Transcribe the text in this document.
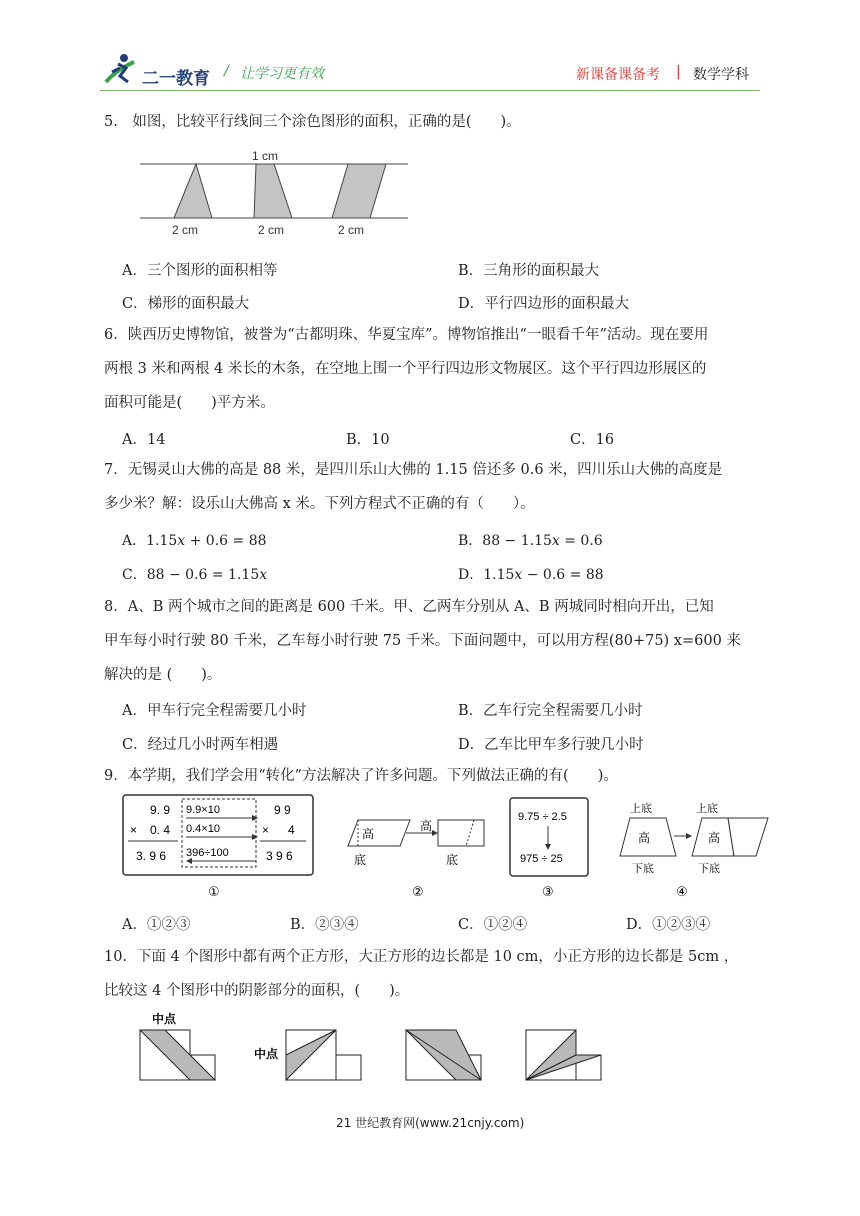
二一教育 / 让学习更有效	新课备课备考 | 数学学科
5.　如图，比较平行线间三个涂色图形的面积，正确的是(　　)。
1 cm
2 cm	2 cm	2 cm
A．三个图形的面积相等	B．三角形的面积最大
C．梯形的面积最大	D．平行四边形的面积最大
6．陕西历史博物馆，被誉为“古都明珠、华夏宝库”。博物馆推出“一眼看千年”活动。现在要用
两根 3 米和两根 4 米长的木条，在空地上围一个平行四边形文物展区。这个平行四边形展区的
面积可能是(　　)平方米。
A．14	B．10	C．16
7．无锡灵山大佛的高是 88 米，是四川乐山大佛的 1.15 倍还多 0.6 米，四川乐山大佛的高度是
多少米？解：设乐山大佛高 x 米。下列方程式不正确的有（　　）。
A．1.15𝑥 + 0.6 = 88	B．88 − 1.15𝑥 = 0.6
C．88 − 0.6 = 1.15𝑥	D．1.15𝑥 − 0.6 = 88
8．A、B 两个城市之间的距离是 600 千米。甲、乙两车分别从 A、B 两城同时相向开出，已知
甲车每小时行驶 80 千米，乙车每小时行驶 75 千米。下面问题中，可以用方程(80+75) x=600 来
解决的是 (　　)。
A．甲车行完全程需要几小时	B．乙车行完全程需要几小时
C．经过几小时两车相遇	D．乙车比甲车多行驶几小时
9．本学期，我们学会用“转化”方法解决了许多问题。下列做法正确的有(　　)。
9. 9
× 0. 4
3. 9 6
9.9×10
0.4×10
396÷100
9 9
× 4
3 9 6
①
高
底
高
底
②
9.75 ÷ 2.5
975 ÷ 25
③
上底
高
下底
上底
高
下底
④
A．①②③	B．②③④	C．①②④	D．①②③④
10．下面 4 个图形中都有两个正方形，大正方形的边长都是 10 cm，小正方形的边长都是 5cm ，
比较这 4 个图形中的阴影部分的面积，(　　)。
中点
中点
21 世纪教育网(www.21cnjy.com)
